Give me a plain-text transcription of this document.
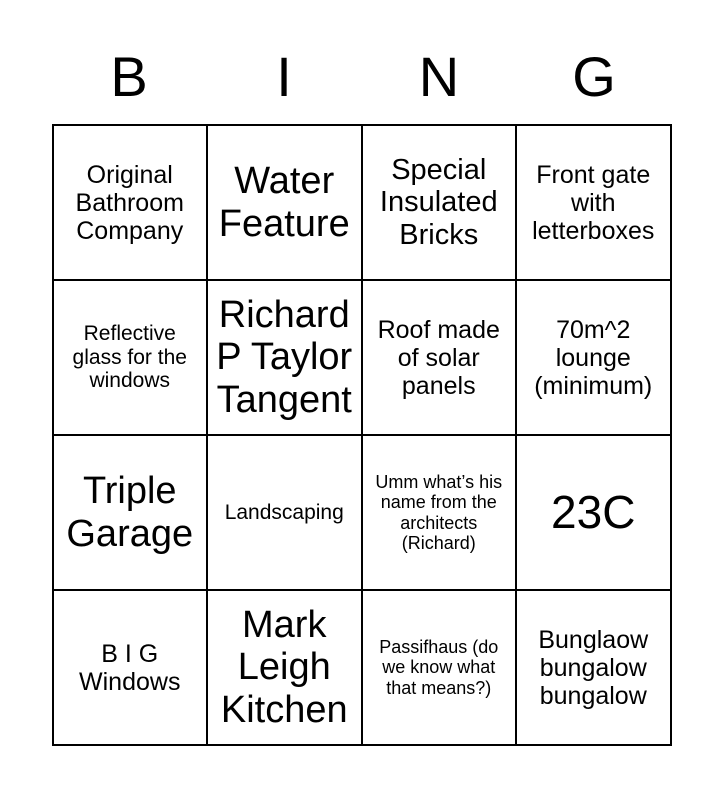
B	I	N	G
Original Bathroom Company	Water Feature	Special Insulated Bricks	Front gate with letterboxes

Reflective glass for the windows	Richard P Taylor Tangent	Roof made of solar panels	70m^2 lounge (minimum)

Triple Garage	Landscaping	Umm what’s his name from the architects (Richard)	23C

B I G Windows	Mark Leigh Kitchen	Passifhaus (do we know what that means?)	Bunglaow bungalow bungalow
